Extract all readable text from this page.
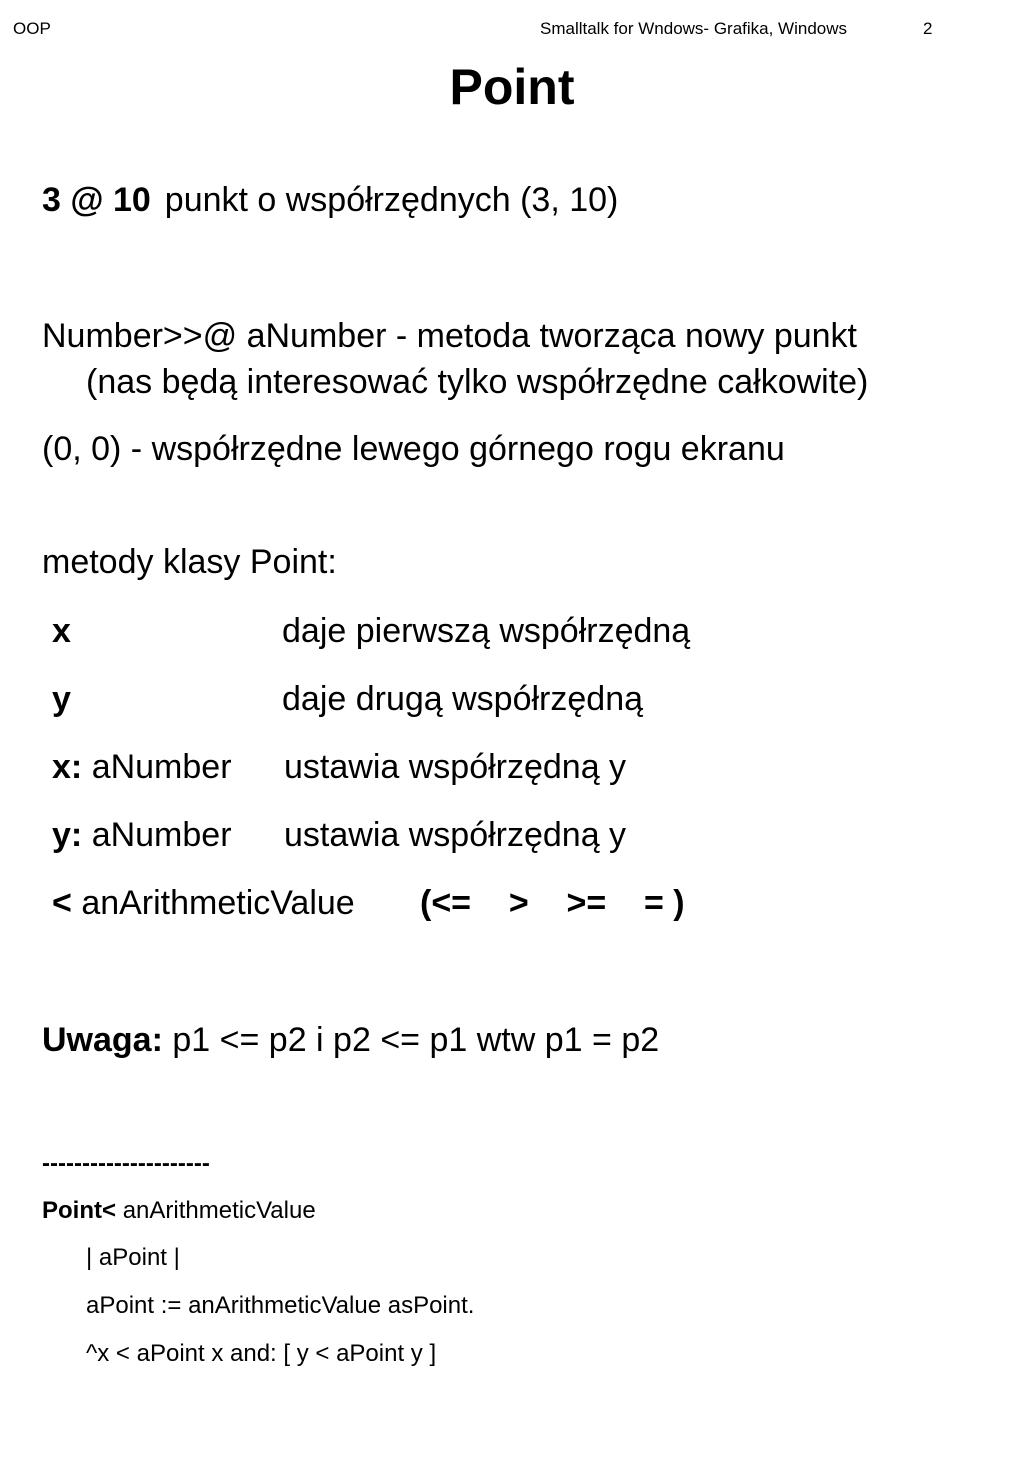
OOP	Smalltalk for Wndows- Grafika, Windows	2
Point
3 @ 10 punkt o współrzędnych (3, 10)
Number>>@ aNumber - metoda tworząca nowy punkt
(nas będą interesować tylko współrzędne całkowite)
(0, 0) - współrzędne lewego górnego rogu ekranu
metody klasy Point:
x	daje pierwszą współrzędną
y	daje drugą współrzędną
x: aNumber ustawia współrzędną y
y: aNumber ustawia współrzędną y
< anArithmeticValue (<=    >    >=    = )
Uwaga: p1 <= p2 i p2 <= p1 wtw p1 = p2
---------------------
Point< anArithmeticValue
| aPoint |
aPoint := anArithmeticValue asPoint.
^x < aPoint x and: [ y < aPoint y ]
